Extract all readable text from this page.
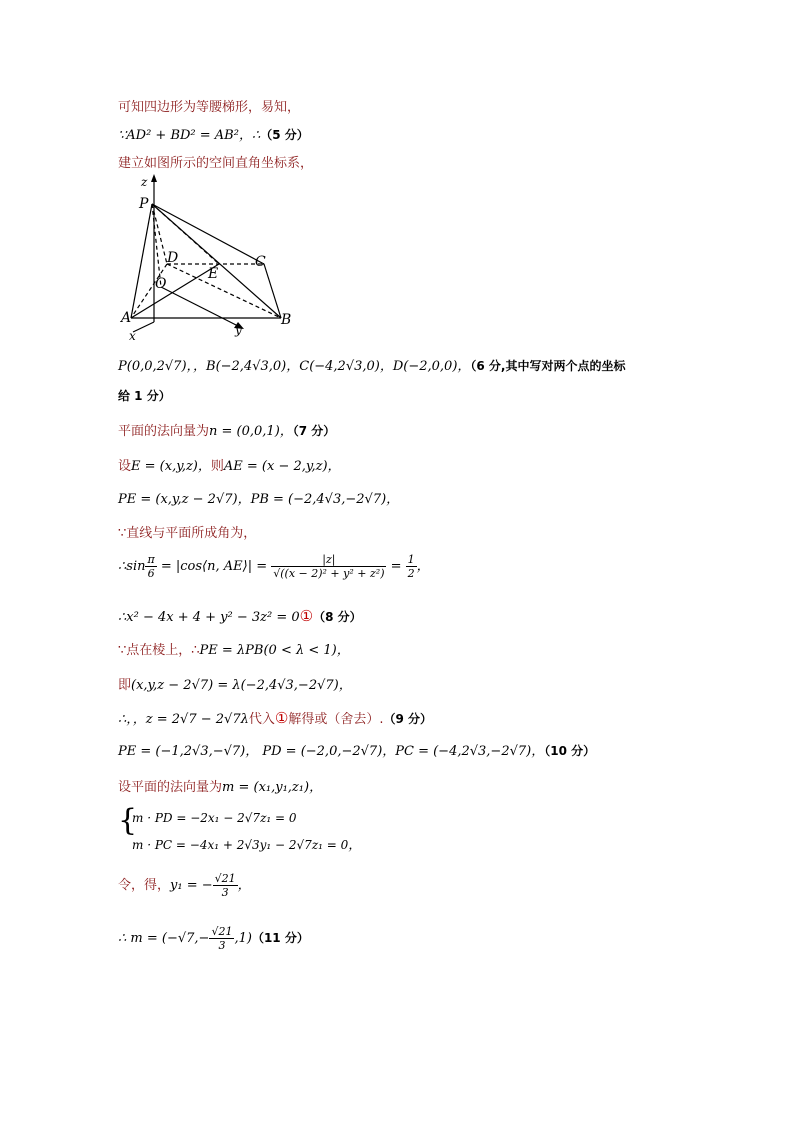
可知四边形为等腰梯形，易知，
∵AD² + BD² = AB²，∴（5 分）
建立如图所示的空间直角坐标系，
z
P
D	C
E
O
A	B
x	y
P(0,0,2√7)，，B(−2,4√3,0)，C(−4,2√3,0)，D(−2,0,0)，（6 分,其中写对两个点的坐标
给 1 分）
平面的法向量为n = (0,0,1)，（7 分）
设E = (x,y,z)，则AE = (x − 2,y,z)，
PE = (x,y,z − 2√7)，PB = (−2,4√3,−2√7)，
∵直线与平面所成角为，
∴sin $\frac{\pi}{6}$ = |cos⟨n, AE⟩| = $\frac{|z|}{\text{√((x − 2)² + y² + z²)}} = \frac{1}{2}$ ，
∴x² − 4x + 4 + y² − 3z² = 0①（8 分）
∵点在棱上，∴PE = λPB(0 < λ < 1)，
即(x,y,z − 2√7) = λ(−2,4√3,−2√7)，
∴，，z = 2√7 − 2√7λ代入①解得或（舍去）.（9 分）
PE = (−1,2√3,−√7)， PD = (−2,0,−2√7)，PC = (−4,2√3,−2√7)，（10 分）
设平面的法向量为m = (x₁,y₁,z₁)，
{
m · PD = −2x₁ − 2√7z₁ = 0
m · PC = −4x₁ + 2√3y₁ − 2√7z₁ = 0，
令，得，y₁ = − $\frac{√21}{3}$ ，
∴ $m = (-√7,- \frac{√21}{3} ,1)(11$ 分）
